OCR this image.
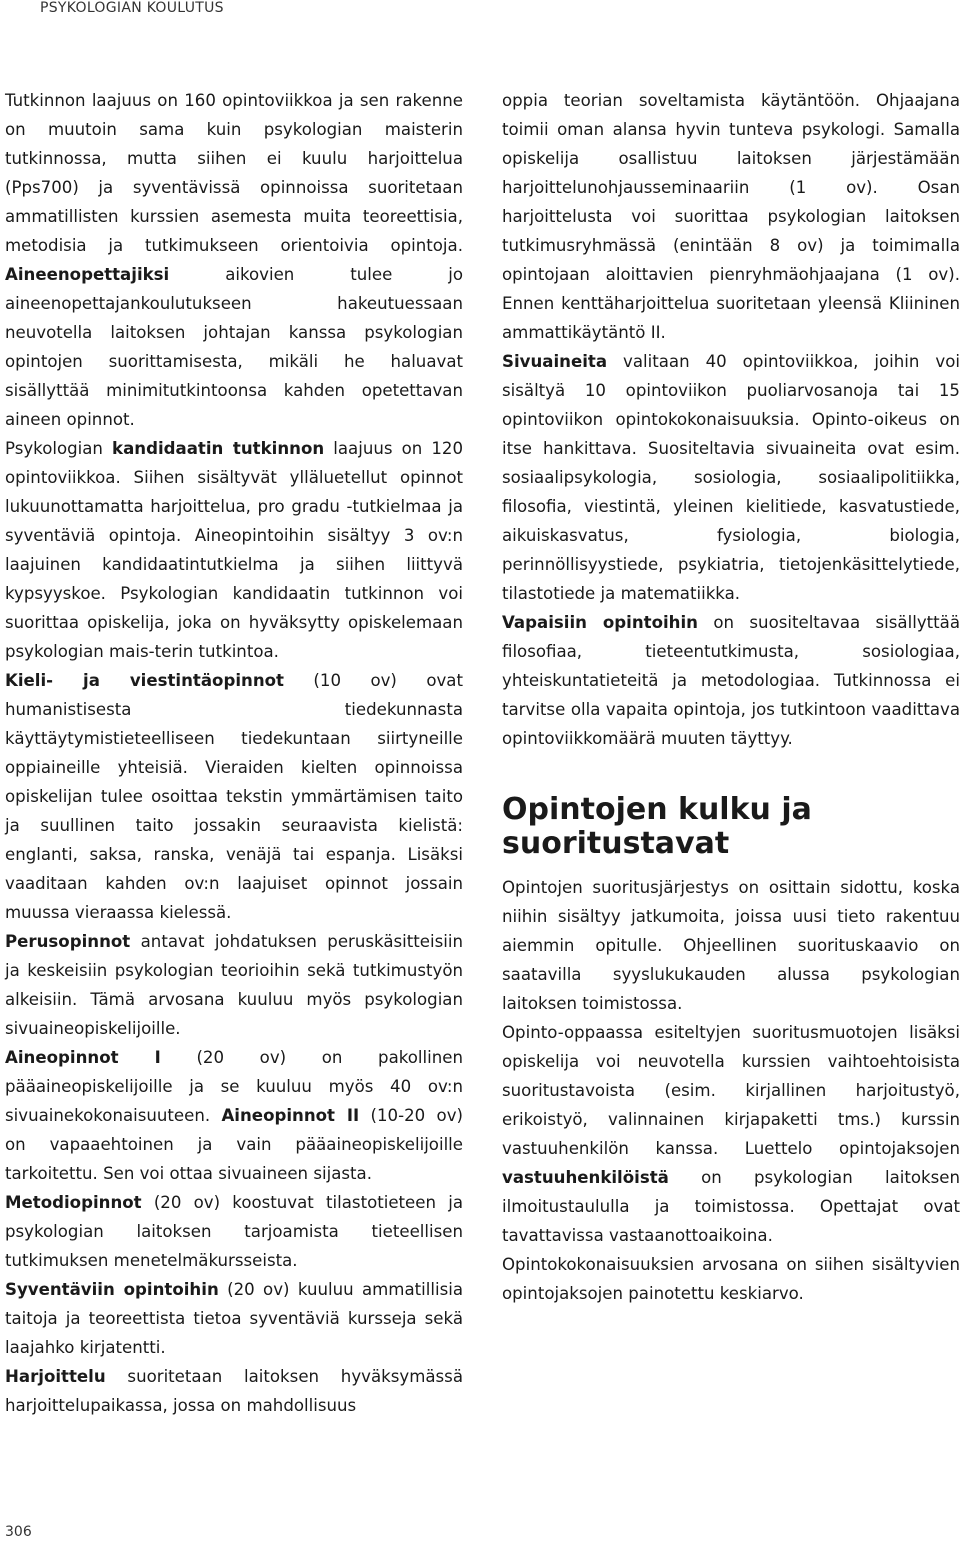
PSYKOLOGIAN KOULUTUS

Tutkinnon laajuus on 160 opintoviikkoa ja sen rakenne on muutoin sama kuin psykologian maisterin tutkinnossa, mutta siihen ei kuulu harjoittelua (Pps700) ja syventävissä opinnoissa suoritetaan ammatillisten kurssien asemesta muita teoreettisia, metodisia ja tutkimukseen orientoivia opintoja. Aineenopettajiksi aikovien tulee jo aineenopettajankoulutukseen hakeutuessaan neuvotella laitoksen johtajan kanssa psykologian opintojen suorittamisesta, mikäli he haluavat sisällyttää minimitutkintoonsa kahden opetettavan aineen opinnot.

Psykologian kandidaatin tutkinnon laajuus on 120 opintoviikkoa. Siihen sisältyvät ylläluetellut opinnot lukuunottamatta harjoittelua, pro gradu -tutkielmaa ja syventäviä opintoja. Aineopintoihin sisältyy 3 ov:n laajuinen kandidaatintutkielma ja siihen liittyvä kypsyyskoe. Psykologian kandidaatin tutkinnon voi suorittaa opiskelija, joka on hyväksytty opiskelemaan psykologian mais-terin tutkintoa.

Kieli- ja viestintäopinnot (10 ov) ovat humanistisesta tiedekunnasta käyttäytymistieteelliseen tiedekuntaan siirtyneille oppiaineille yhteisiä. Vieraiden kielten opinnoissa opiskelijan tulee osoittaa tekstin ymmärtämisen taito ja suullinen taito jossakin seuraavista kielistä: englanti, saksa, ranska, venäjä tai espanja. Lisäksi vaaditaan kahden ov:n laajuiset opinnot jossain muussa vieraassa kielessä.

Perusopinnot antavat johdatuksen peruskäsitteisiin ja keskeisiin psykologian teorioihin sekä tutkimustyön alkeisiin. Tämä arvosana kuuluu myös psykologian sivuaineopiskelijoille.

Aineopinnot I (20 ov) on pakollinen pääaineopiskelijoille ja se kuuluu myös 40 ov:n sivuainekokonaisuuteen. Aineopinnot II (10-20 ov) on vapaaehtoinen ja vain pääaineopiskelijoille tarkoitettu. Sen voi ottaa sivuaineen sijasta.

Metodiopinnot (20 ov) koostuvat tilastotieteen ja psykologian laitoksen tarjoamista tieteellisen tutkimuksen menetelmäkursseista.

Syventäviin opintoihin (20 ov) kuuluu ammatillisia taitoja ja teoreettista tietoa syventäviä kursseja sekä laajahko kirjatentti.

Harjoittelu suoritetaan laitoksen hyväksymässä harjoittelupaikassa, jossa on mahdollisuus

oppia teorian soveltamista käytäntöön. Ohjaajana toimii oman alansa hyvin tunteva psykologi. Samalla opiskelija osallistuu laitoksen järjestämään harjoittelunohjausseminaariin (1 ov). Osan harjoittelusta voi suorittaa psykologian laitoksen tutkimusryhmässä (enintään 8 ov) ja toimimalla opintojaan aloittavien pienryhmäohjaajana (1 ov). Ennen kenttäharjoittelua suoritetaan yleensä Kliininen ammattikäytäntö II.

Sivuaineita valitaan 40 opintoviikkoa, joihin voi sisältyä 10 opintoviikon puoliarvosanoja tai 15 opintoviikon opintokokonaisuuksia. Opinto-oikeus on itse hankittava. Suositeltavia sivuaineita ovat esim. sosiaalipsykologia, sosiologia, sosiaalipolitiikka, filosofia, viestintä, yleinen kielitiede, kasvatustiede, aikuiskasvatus, fysiologia, biologia, perinnöllisyystiede, psykiatria, tietojenkäsittelytiede, tilastotiede ja matematiikka.

Vapaisiin opintoihin on suositeltavaa sisällyttää filosofiaa, tieteentutkimusta, sosiologiaa, yhteiskuntatieteitä ja metodologiaa. Tutkinnossa ei tarvitse olla vapaita opintoja, jos tutkintoon vaadittava opintoviikkomäärä muuten täyttyy.

Opintojen kulku ja suoritustavat

Opintojen suoritusjärjestys on osittain sidottu, koska niihin sisältyy jatkumoita, joissa uusi tieto rakentuu aiemmin opitulle. Ohjeellinen suorituskaavio on saatavilla syyslukukauden alussa psykologian laitoksen toimistossa.

Opinto-oppaassa esiteltyjen suoritusmuotojen lisäksi opiskelija voi neuvotella kurssien vaihtoehtoisista suoritustavoista (esim. kirjallinen harjoitustyö, erikoistyö, valinnainen kirjapaketti tms.) kurssin vastuuhenkilön kanssa. Luettelo opintojaksojen vastuuhenkilöistä on psykologian laitoksen ilmoitustaululla ja toimistossa. Opettajat ovat tavattavissa vastaanottoaikoina.

Opintokokonaisuuksien arvosana on siihen sisältyvien opintojaksojen painotettu keskiarvo.

306
